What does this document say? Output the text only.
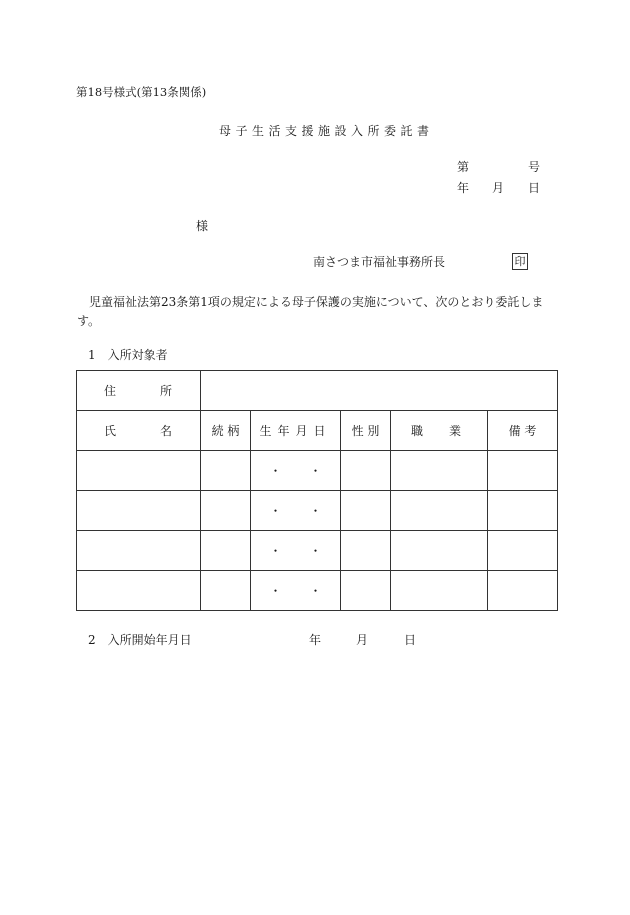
第18号様式(第13条関係)
母子生活支援施設入所委託書
第	号
年 月 日
様
南さつま市福祉事務所長	印
児童福祉法第23条第1項の規定による母子保護の実施について、次のとおり委託します。
1　入所対象者
住 所					

氏 名	続 柄	生年月日	性 別	職 業	備 考
		・ ・			
		・ ・			
		・ ・			
		・ ・			
2　入所開始年月日	年	月	日
